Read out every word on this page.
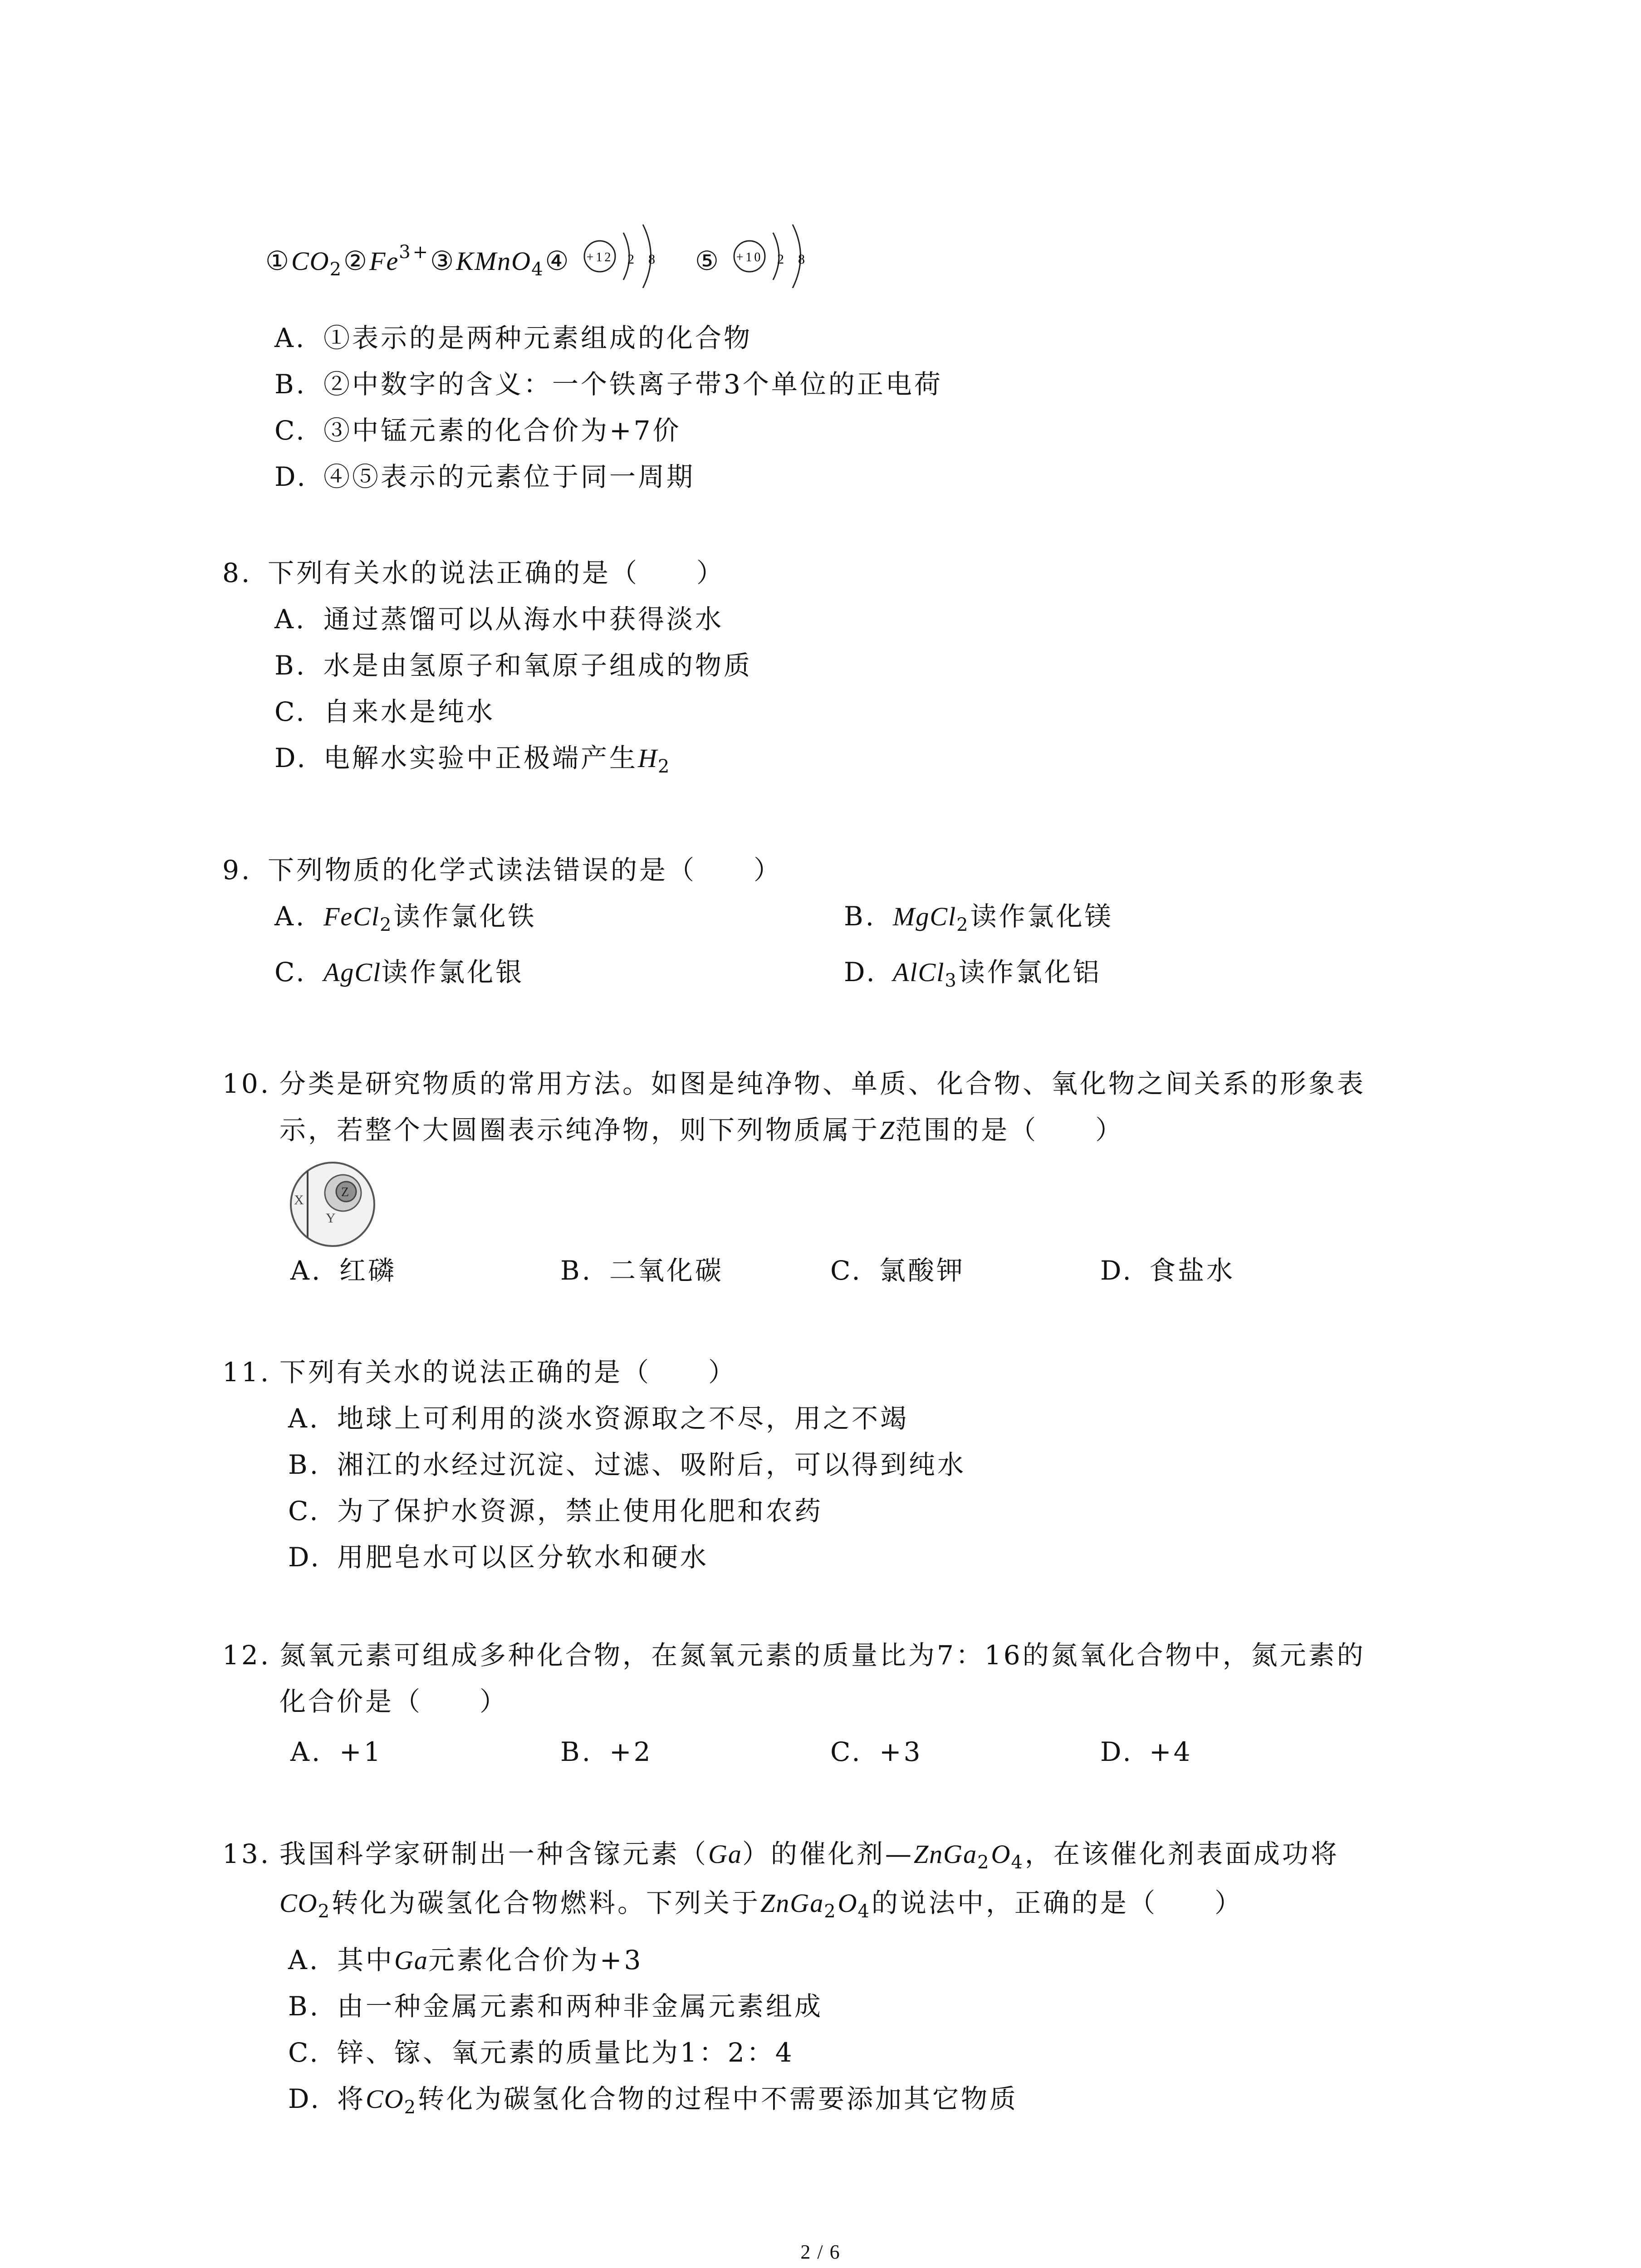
$①CO_2②Fe^{3+}③KMnO_4④ +12$ 2 8 ⑤ +10 2 8
A. ①表示的是两种元素组成的化合物
B. ②中数字的含义：一个铁离子带3个单位的正电荷
C. ③中锰元素的化合价为+7价
D. ④⑤表示的元素位于同一周期
8. 下列有关水的说法正确的是（　　）
A. 通过蒸馏可以从海水中获得淡水
B. 水是由氢原子和氧原子组成的物质
C. 自来水是纯水
D. 电解水实验中正极端产生$H_2$
9. 下列物质的化学式读法错误的是（　　）
A. FeCl$_2$读作氯化铁	B. MgCl$_2$读作氯化镁
C. AgCl读作氯化银	D. AlCl$_3$读作氯化铝
10. 分类是研究物质的常用方法。如图是纯净物、单质、化合物、氧化物之间关系的形象表
示，若整个大圆圈表示纯净物，则下列物质属于Z范围的是（　　）
X
Y
Z
A. 红磷	B. 二氧化碳	C. 氯酸钾	D. 食盐水
11. 下列有关水的说法正确的是（　　）
A. 地球上可利用的淡水资源取之不尽，用之不竭
B. 湘江的水经过沉淀、过滤、吸附后，可以得到纯水
C. 为了保护水资源，禁止使用化肥和农药
D. 用肥皂水可以区分软水和硬水
12. 氮氧元素可组成多种化合物，在氮氧元素的质量比为7：16的氮氧化合物中，氮元素的
化合价是（　　）
A. +1	B. +2	C. +3	D. +4
13. 我国科学家研制出一种含镓元素（Ga）的催化剂$—ZnGa_2O_4$，在该催化剂表面成功将
$CO_2$转化为碳氢化合物燃料。下列关于$ZnGa_2O_4$的说法中，正确的是（　　）
A. 其中Ga元素化合价为+3
B. 由一种金属元素和两种非金属元素组成
C. 锌、镓、氧元素的质量比为1：2：4
D. 将$CO_2$转化为碳氢化合物的过程中不需要添加其它物质
2 / 6
